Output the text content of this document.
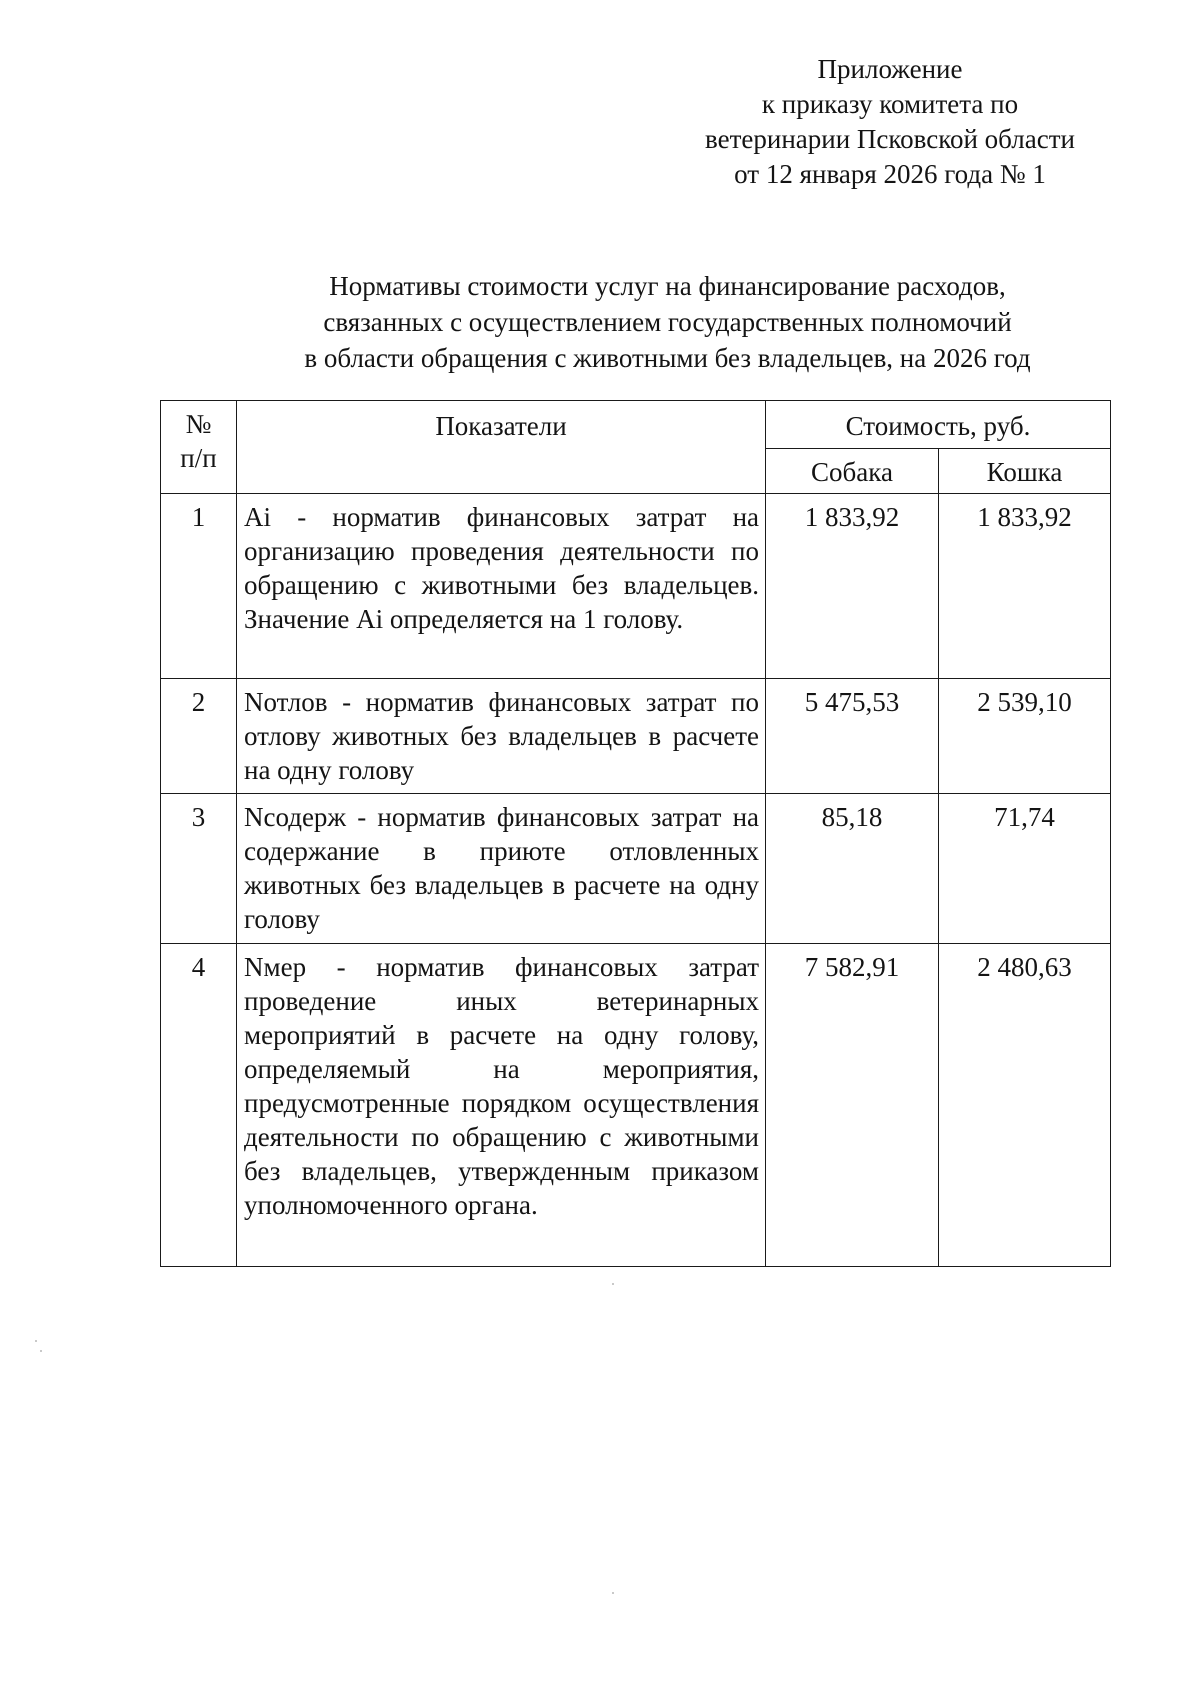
Приложение
к приказу комитета по
ветеринарии Псковской области
от 12 января 2026 года № 1
Нормативы стоимости услуг на финансирование расходов,
связанных с осуществлением государственных полномочий
в области обращения с животными без владельцев, на 2026 год
№
п/п	Показатели	Стоимость, руб.	
		Собака	Кошка
1	Аi - норматив финансовых затрат на организацию проведения деятельности по обращению с животными без владельцев. Значение Аi определяется на 1 голову.	1 833,92	1 833,92
2	Nотлов - норматив финансовых затрат по отлову животных без владельцев в расчете на одну голову	5 475,53	2 539,10
3	Nсодерж - норматив финансовых затрат на содержание в приюте отловленных животных без владельцев в расчете на одну голову	85,18	71,74
4	Nмер - норматив финансовых затрат проведение иных ветеринарных мероприятий в расчете на одну голову, определяемый на мероприятия, предусмотренные порядком осуществления деятельности по обращению с животными без владельцев, утвержденным приказом уполномоченного органа.	7 582,91	2 480,63
